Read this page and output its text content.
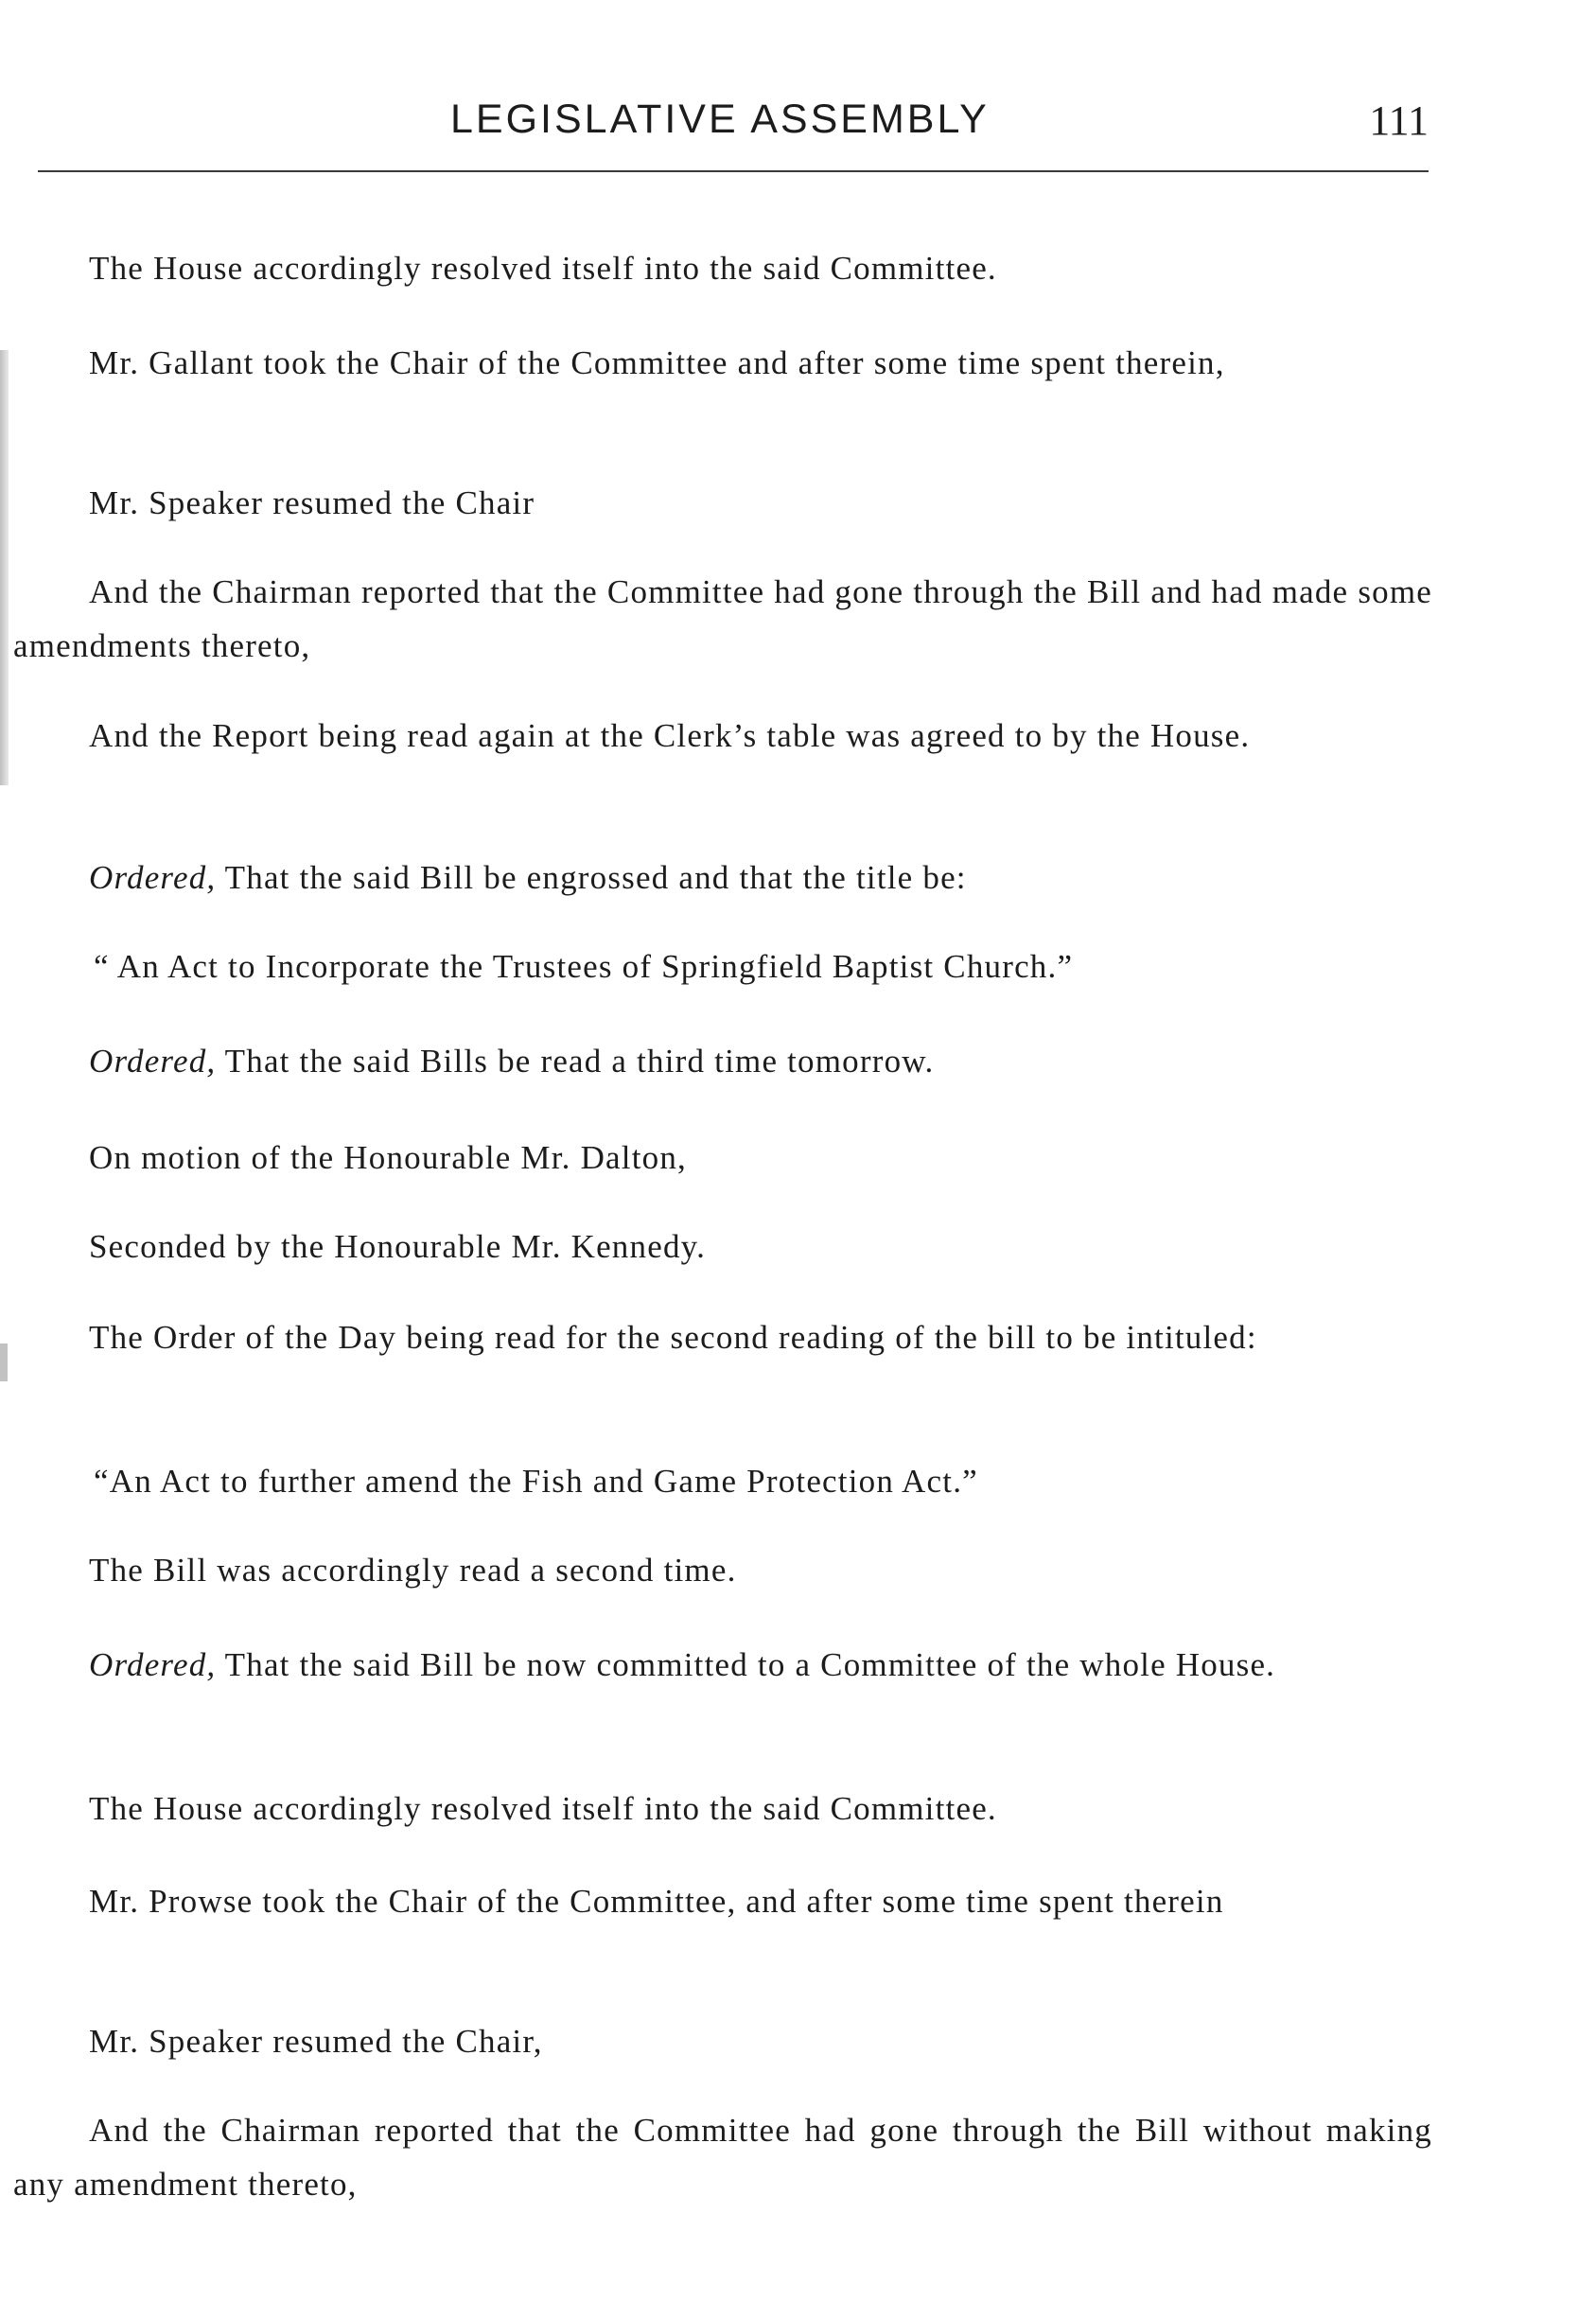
LEGISLATIVE ASSEMBLY	111

The House accordingly resolved itself into the said Committee.

Mr. Gallant took the Chair of the Committee and after some time spent therein,

Mr. Speaker resumed the Chair

And the Chairman reported that the Committee had gone through the Bill and had made some amendments thereto,

And the Report being read again at the Clerk’s table was agreed to by the House.

Ordered, That the said Bill be engrossed and that the title be:

“ An Act to Incorporate the Trustees of Springfield Baptist Church.”

Ordered, That the said Bills be read a third time tomorrow.

On motion of the Honourable Mr. Dalton,

Seconded by the Honourable Mr. Kennedy.

The Order of the Day being read for the second reading of the bill to be intituled:

“An Act to further amend the Fish and Game Protection Act.”

The Bill was accordingly read a second time.

Ordered, That the said Bill be now committed to a Committee of the whole House.

The House accordingly resolved itself into the said Committee.

Mr. Prowse took the Chair of the Committee, and after some time spent therein

Mr. Speaker resumed the Chair,

And the Chairman reported that the Committee had gone through the Bill without making any amendment thereto,
